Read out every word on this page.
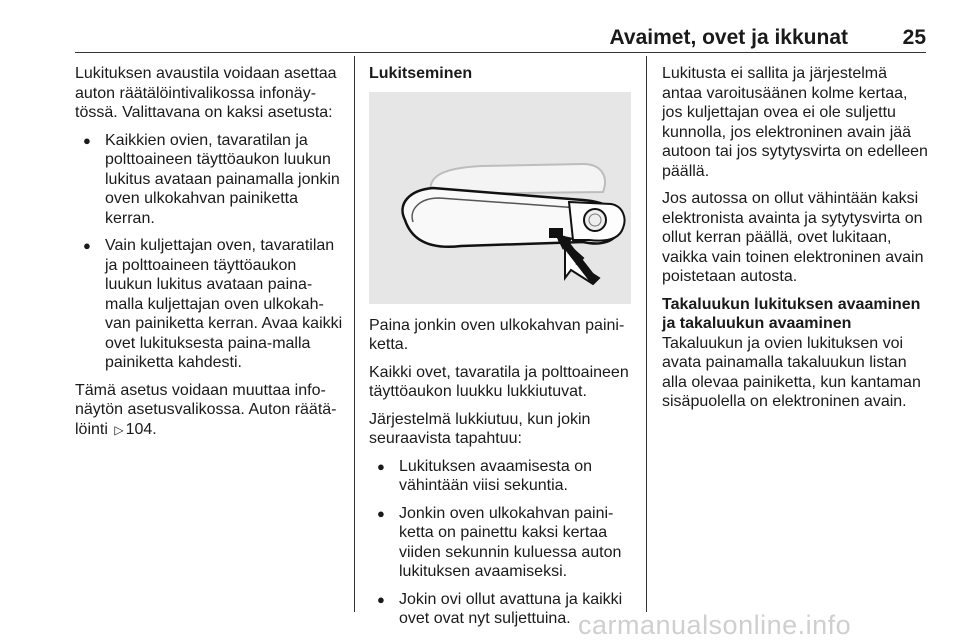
Avaimet, ovet ja ikkunat	25

Lukituksen avaustila voidaan asettaa auton räätälöintivalikossa infonäy-tössä. Valittavana on kaksi asetusta:

● Kaikkien ovien, tavaratilan ja polttoaineen täyttöaukon luukun lukitus avataan painamalla jonkin oven ulkokahvan painiketta kerran.
● Vain kuljettajan oven, tavaratilan ja polttoaineen täyttöaukon luukun lukitus avataan paina-malla kuljettajan oven ulkokah-van painiketta kerran. Avaa kaikki ovet lukituksesta paina-malla painiketta kahdesti.

Tämä asetus voidaan muuttaa info-näytön asetusvalikossa. Auton räätä-löinti ▷ 104.

Lukitseminen

Paina jonkin oven ulkokahvan paini-ketta.

Kaikki ovet, tavaratila ja polttoaineen täyttöaukon luukku lukkiutuvat.

Järjestelmä lukkiutuu, kun jokin seuraavista tapahtuu:

● Lukituksen avaamisesta on vähintään viisi sekuntia.
● Jonkin oven ulkokahvan paini-ketta on painettu kaksi kertaa viiden sekunnin kuluessa auton lukituksen avaamiseksi.
● Jokin ovi ollut avattuna ja kaikki ovet ovat nyt suljettuina.

Lukitusta ei sallita ja järjestelmä antaa varoitusäänen kolme kertaa, jos kuljettajan ovea ei ole suljettu kunnolla, jos elektroninen avain jää autoon tai jos sytytysvirta on edelleen päällä.

Jos autossa on ollut vähintään kaksi elektronista avainta ja sytytysvirta on ollut kerran päällä, ovet lukitaan, vaikka vain toinen elektroninen avain poistetaan autosta.

Takaluukun lukituksen avaaminen ja takaluukun avaaminen

Takaluukun ja ovien lukituksen voi avata painamalla takaluukun listan alla olevaa painiketta, kun kantaman sisäpuolella on elektroninen avain.

carmanualsonline.info
